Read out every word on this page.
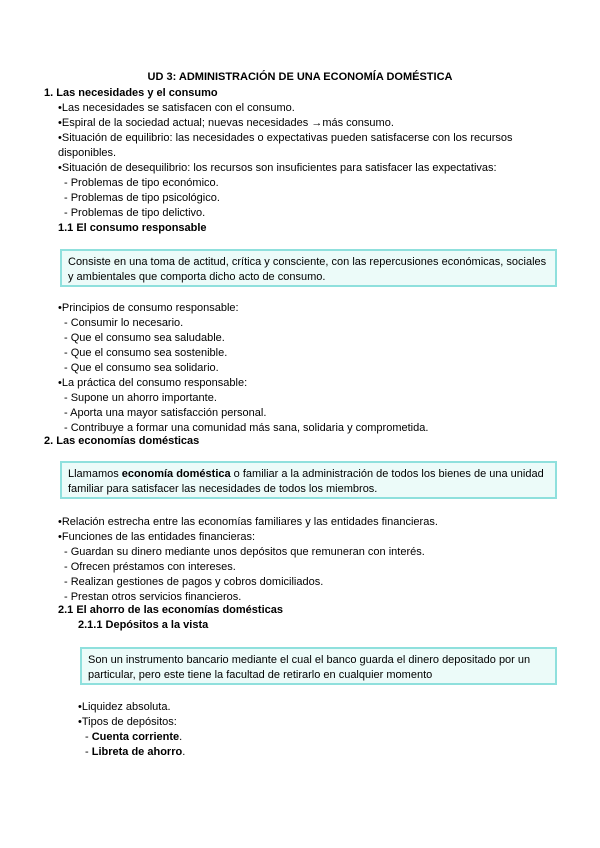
UD 3: ADMINISTRACIÓN DE UNA ECONOMÍA DOMÉSTICA
1. Las necesidades y el consumo
•Las necesidades se satisfacen con el consumo.
•Espiral de la sociedad actual; nuevas necesidades →más consumo.
•Situación de equilibrio: las necesidades o expectativas pueden satisfacerse con los recursos
disponibles.
•Situación de desequilibrio: los recursos son insuficientes para satisfacer las expectativas:
- Problemas de tipo económico.
- Problemas de tipo psicológico.
- Problemas de tipo delictivo.
1.1 El consumo responsable
Consiste en una toma de actitud, crítica y consciente, con las repercusiones económicas, sociales
y ambientales que comporta dicho acto de consumo.
•Principios de consumo responsable:
- Consumir lo necesario.
- Que el consumo sea saludable.
- Que el consumo sea sostenible.
- Que el consumo sea solidario.
•La práctica del consumo responsable:
- Supone un ahorro importante.
- Aporta una mayor satisfacción personal.
- Contribuye a formar una comunidad más sana, solidaria y comprometida.
2. Las economías domésticas
Llamamos economía doméstica o familiar a la administración de todos los bienes de una unidad
familiar para satisfacer las necesidades de todos los miembros.
•Relación estrecha entre las economías familiares y las entidades financieras.
•Funciones de las entidades financieras:
- Guardan su dinero mediante unos depósitos que remuneran con interés.
- Ofrecen préstamos con intereses.
- Realizan gestiones de pagos y cobros domiciliados.
- Prestan otros servicios financieros.
2.1 El ahorro de las economías domésticas
2.1.1 Depósitos a la vista
Son un instrumento bancario mediante el cual el banco guarda el dinero depositado por un
particular, pero este tiene la facultad de retirarlo en cualquier momento
•Liquidez absoluta.
•Tipos de depósitos:
- Cuenta corriente.
- Libreta de ahorro.
